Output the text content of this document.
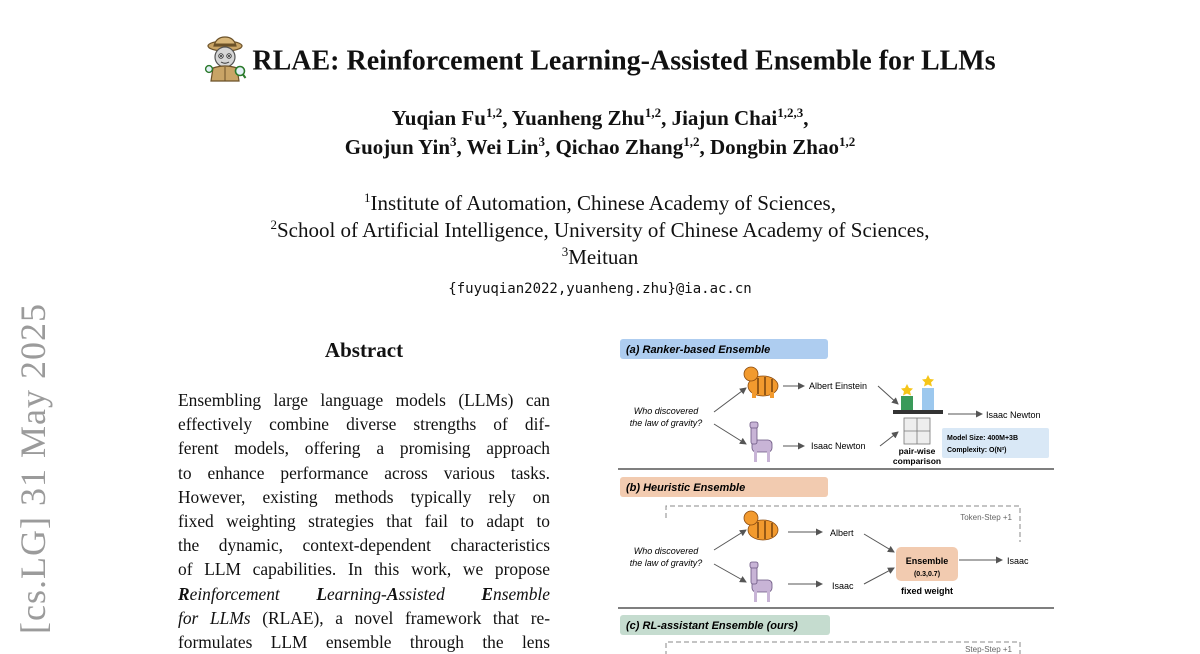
[cs.LG] 31 May 2025
RLAE: Reinforcement Learning-Assisted Ensemble for LLMs
Yuqian Fu$^{1,2}$, Yuanheng Zhu$^{1,2}$, Jiajun Chai$^{1,2,3}$,
Guojun Yin$^3$, Wei Lin$^3$, Qichao Zhang$^{1,2}$, Dongbin Zhao$^{1,2}$
$^1$Institute of Automation, Chinese Academy of Sciences,
$^2$School of Artificial Intelligence, University of Chinese Academy of Sciences,
$^3$Meituan
{fuyuqian2022,yuanheng.zhu}@ia.ac.cn
Abstract
Ensembling large language models (LLMs) can
effectively combine diverse strengths of dif-
ferent models, offering a promising approach
to enhance performance across various tasks.
However, existing methods typically rely on
fixed weighting strategies that fail to adapt to
the dynamic, context-dependent characteristics
of LLM capabilities. In this work, we propose
Reinforcement Learning-Assisted Ensemble
for LLMs (RLAE), a novel framework that re-
formulates LLM ensemble through the lens
(a) Ranker-based Ensemble
Who discovered
the law of gravity?
Albert Einstein
Isaac Newton
Isaac Newton
pair-wise
comparison
Model Size: 400M+3B
Complexity: O(N²)
(b) Heuristic Ensemble
Token-Step +1
Who discovered
the law of gravity?
Albert
Isaac
Ensemble
(0.3,0.7)
fixed weight
Isaac
(c) RL-assistant Ensemble (ours)
Step-Step +1
